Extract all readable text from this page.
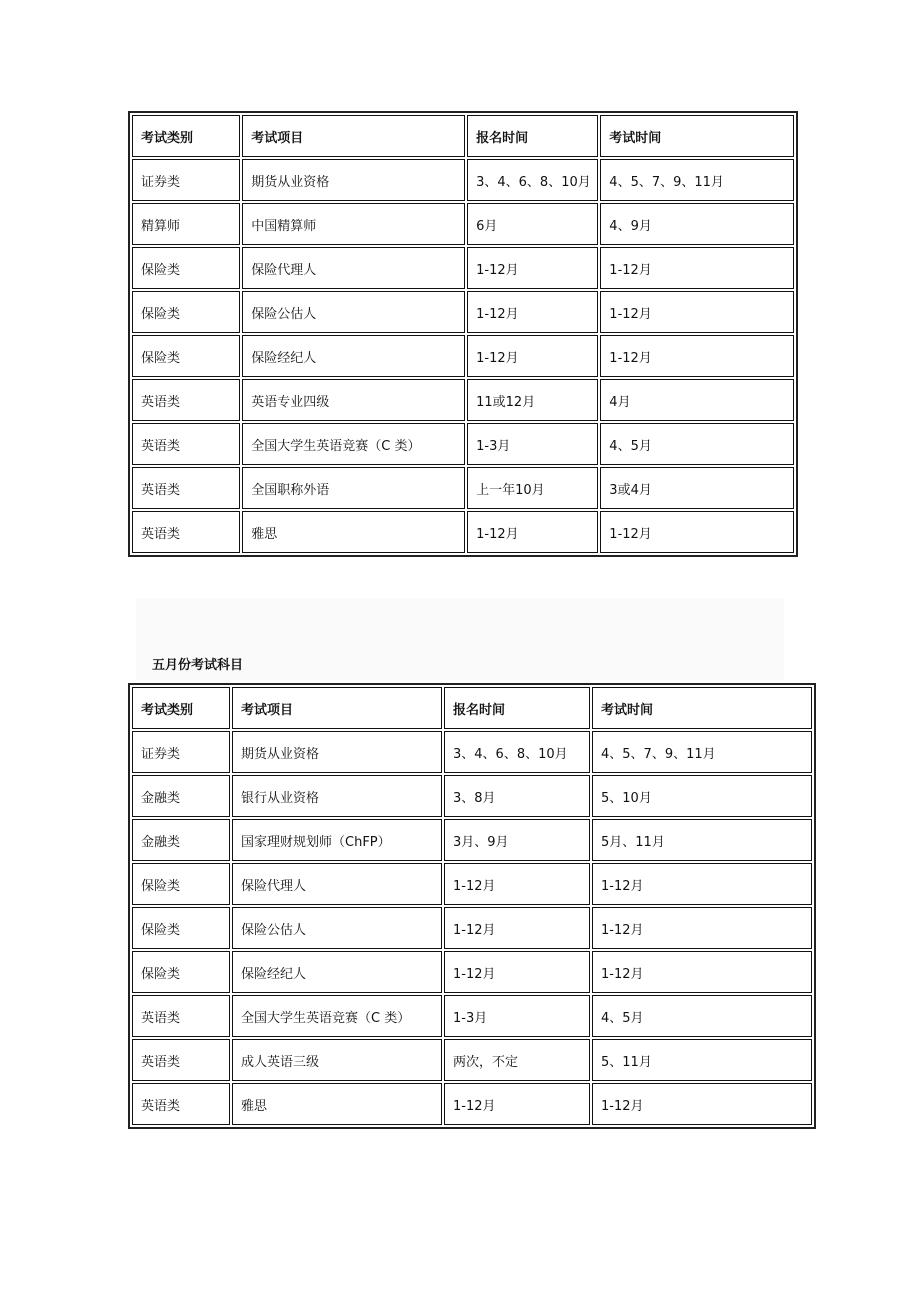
考试类别	考试项目	报名时间	考试时间
证券类	期货从业资格	3、4、6、8、10月	4、5、7、9、11月
精算师	中国精算师	6月	4、9月
保险类	保险代理人	1-12月	1-12月
保险类	保险公估人	1-12月	1-12月
保险类	保险经纪人	1-12月	1-12月
英语类	英语专业四级	11或12月	4月
英语类	全国大学生英语竞赛（C 类）	1-3月	4、5月
英语类	全国职称外语	上一年10月	3或4月
英语类	雅思	1-12月	1-12月
五月份考试科目
考试类别	考试项目	报名时间	考试时间
证券类	期货从业资格	3、4、6、8、10月	4、5、7、9、11月
金融类	银行从业资格	3、8月	5、10月
金融类	国家理财规划师（ChFP）	3月、9月	5月、11月
保险类	保险代理人	1-12月	1-12月
保险类	保险公估人	1-12月	1-12月
保险类	保险经纪人	1-12月	1-12月
英语类	全国大学生英语竞赛（C 类）	1-3月	4、5月
英语类	成人英语三级	两次，不定	5、11月
英语类	雅思	1-12月	1-12月
